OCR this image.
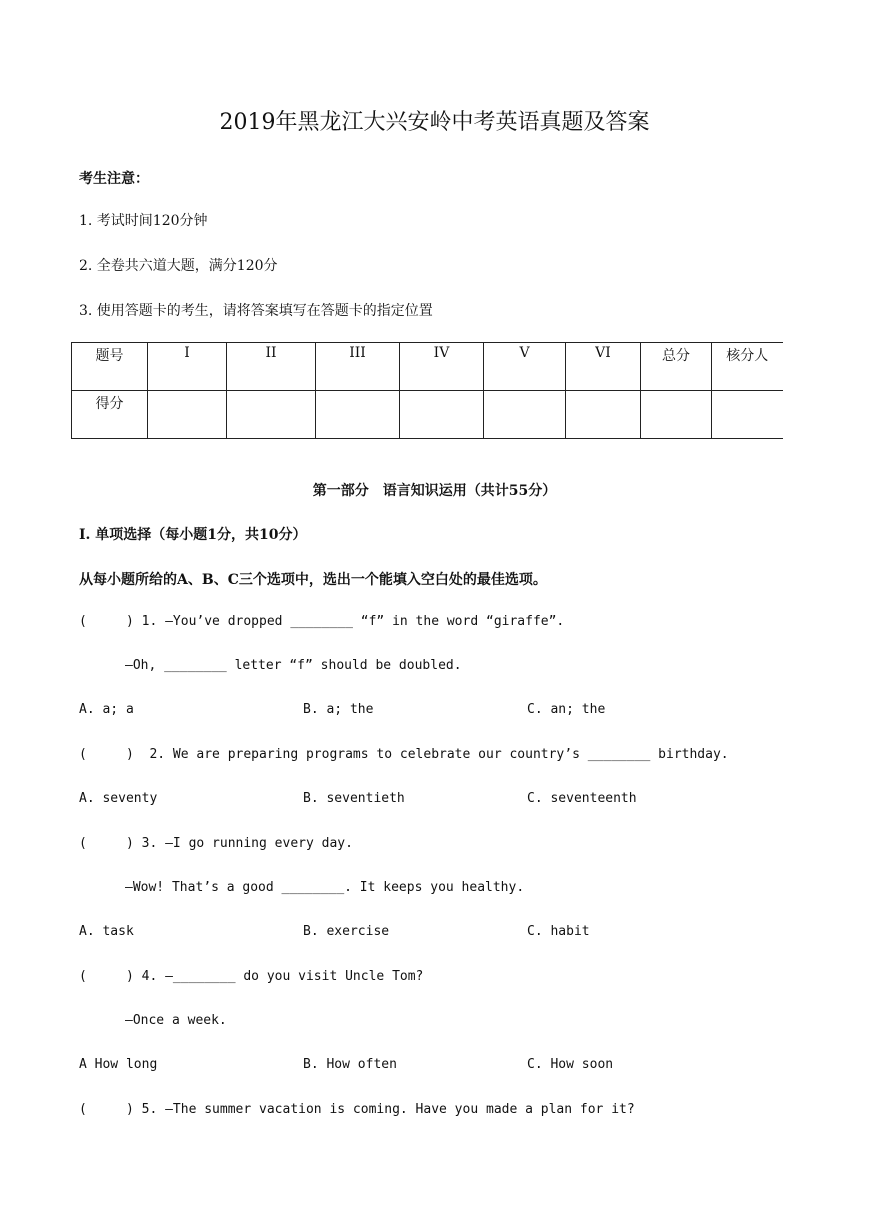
2019年黑龙江大兴安岭中考英语真题及答案
考生注意：
1. 考试时间120分钟
2. 全卷共六道大题，满分120分
3. 使用答题卡的考生，请将答案填写在答题卡的指定位置
题号	I	II	III	IV	V	VI	总分	核分人
得分								
第一部分　语言知识运用（共计55分）
Ⅰ. 单项选择（每小题1分，共10分）
从每小题所给的A、B、C三个选项中，选出一个能填入空白处的最佳选项。
(     ) 1. —You’ve dropped ________ “f” in the word “giraffe”.
—Oh, ________ letter “f” should be doubled.
A. a; a	B. a; the	C. an; the
(     )  2. We are preparing programs to celebrate our country’s ________ birthday.
A. seventy	B. seventieth	C. seventeenth
(     ) 3. —I go running every day.
—Wow! That’s a good ________. It keeps you healthy.
A. task	B. exercise	C. habit
(     ) 4. —________ do you visit Uncle Tom?
—Once a week.
A How long	B. How often	C. How soon
(     ) 5. —The summer vacation is coming. Have you made a plan for it?
